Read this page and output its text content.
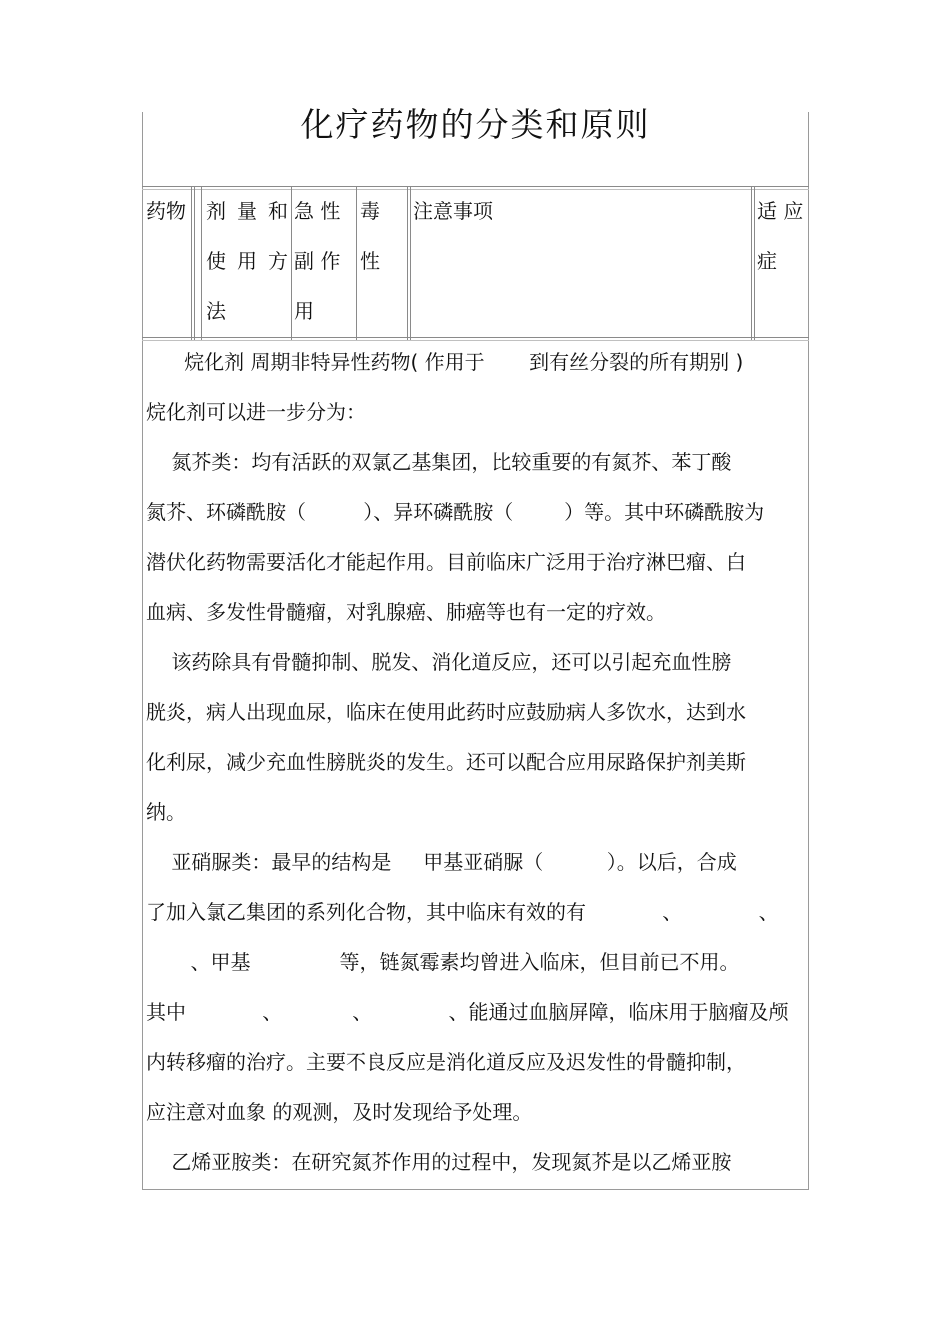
化疗药物的分类和原则
药物 剂 量 和
使 用 方
法
急 性
副 作
用
毒
性
注意事项	适 应
症
烷化剂 周期非特异性药物( 作用于       到有丝分裂的所有期别 )
烷化剂可以进一步分为：
氮芥类：均有活跃的双氯乙基集团，比较重要的有氮芥、苯丁酸
氮芥、环磷酰胺（         ）、异环磷酰胺（        ）等。其中环磷酰胺为
潜伏化药物需要活化才能起作用。目前临床广泛用于治疗淋巴瘤、白
血病、多发性骨髓瘤，对乳腺癌、肺癌等也有一定的疗效。
该药除具有骨髓抑制、脱发、消化道反应，还可以引起充血性膀
胱炎，病人出现血尿，临床在使用此药时应鼓励病人多饮水，达到水
化利尿，减少充血性膀胱炎的发生。还可以配合应用尿路保护剂美斯
纳。
亚硝脲类：最早的结构是     甲基亚硝脲（          ）。以后，合成
了加入氯乙集团的系列化合物，其中临床有效的有            、            、
、甲基              等，链氮霉素均曾进入临床，但目前已不用。
其中            、           、            、能通过血脑屏障，临床用于脑瘤及颅
内转移瘤的治疗。主要不良反应是消化道反应及迟发性的骨髓抑制，
应注意对血象 的观测，及时发现给予处理。
乙烯亚胺类：在研究氮芥作用的过程中，发现氮芥是以乙烯亚胺
